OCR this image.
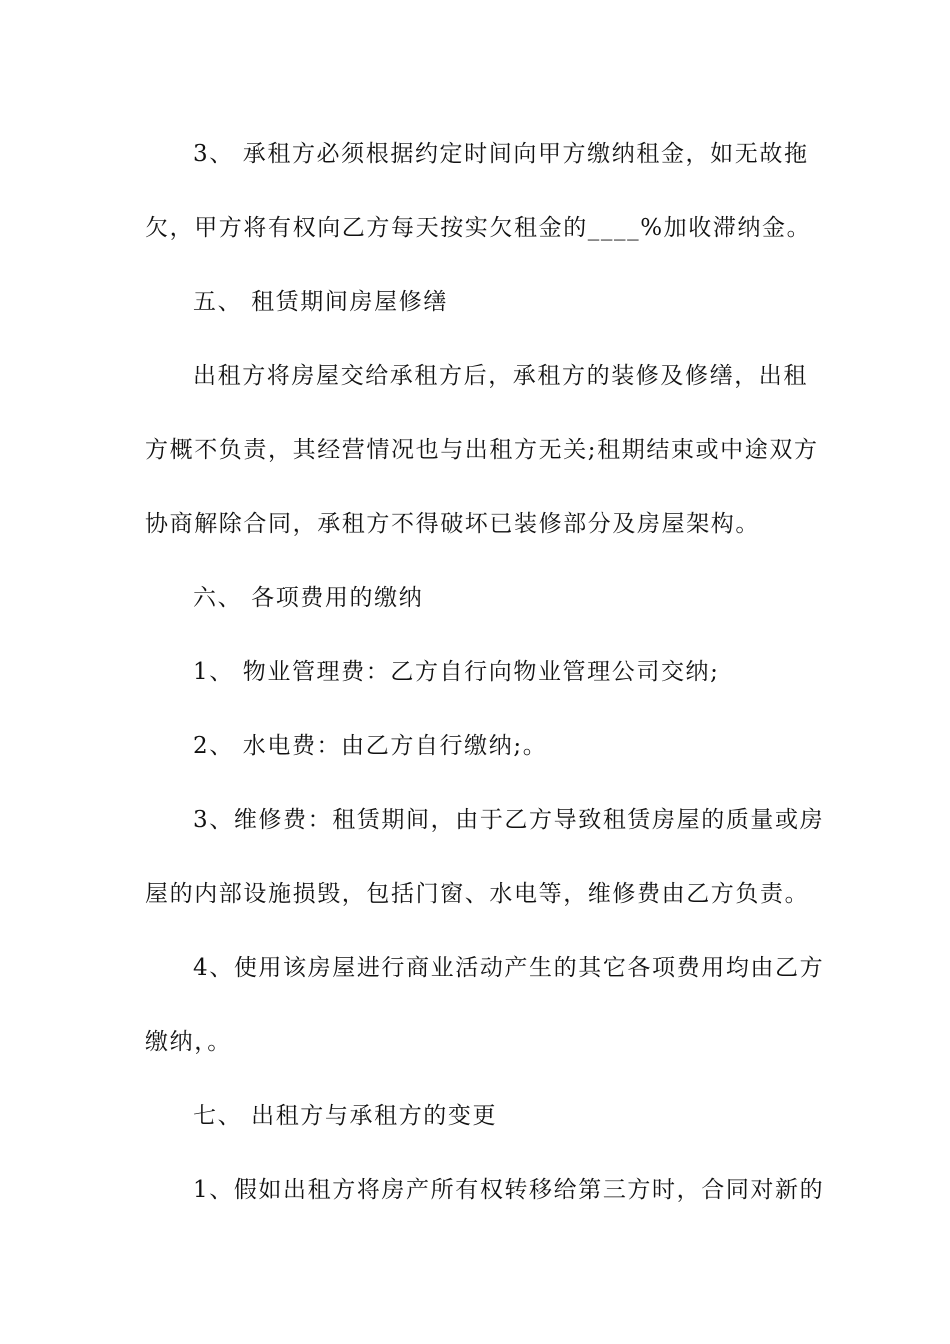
3、 承租方必须根据约定时间向甲方缴纳租金，如无故拖
欠，甲方将有权向乙方每天按实欠租金的____%加收滞纳金。
五、 租赁期间房屋修缮
出租方将房屋交给承租方后，承租方的装修及修缮，出租
方概不负责，其经营情况也与出租方无关;租期结束或中途双方
协商解除合同，承租方不得破坏已装修部分及房屋架构。
六、 各项费用的缴纳
1、 物业管理费：乙方自行向物业管理公司交纳;
2、 水电费：由乙方自行缴纳;。
3、维修费：租赁期间，由于乙方导致租赁房屋的质量或房
屋的内部设施损毁，包括门窗、水电等，维修费由乙方负责。
4、使用该房屋进行商业活动产生的其它各项费用均由乙方
缴纳，。
七、 出租方与承租方的变更
1、假如出租方将房产所有权转移给第三方时，合同对新的
